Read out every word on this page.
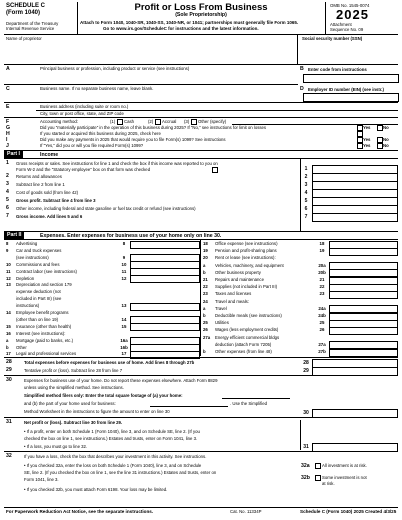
SCHEDULE C
(Form 1040)
Department of the Treasury
Internal Revenue Service
Profit or Loss From Business
(Sole Proprietorship)
Attach to Form 1040, 1040-SR, 1040-SS, 1040-NR, or 1041; partnerships must generally file Form 1065.
Go to www.irs.gov/ScheduleC for instructions and the latest information.
OMB No. 1545-0074
2025
Attachment
Sequence No. 09
Name of proprietor	Social security number (SSN)
A	Principal business or profession, including product or service (see instructions)	B Enter code from instructions
C	Business name. If no separate business name, leave blank.	D Employer ID number (EIN) (see instr.)
E	Business address (including suite or room no.)
City, town or post office, state, and ZIP code
F	Accounting method:	(1) Cash	(2) Accrual (3) Other (specify)
G	Did you "materially participate" in the operation of this business during 2025? If "No," see instructions for limit on losses	Yes	No
H	If you started or acquired this business during 2025, check here
I	Did you make any payments in 2025 that would require you to file Form(s) 1099? See instructions	Yes	No
J	If "Yes," did you or will you file required Form(s) 1099?	Yes	No
Part I	Income
1 Gross receipts or sales. See instructions for line 1 and check the box if this income was reported to you on
Form W-2 and the "Statutory employee" box on that form was checked
2 Returns and allowances
3 Subtract line 2 from line 1
4 Cost of goods sold (from line 42)
5 Gross profit. Subtract line 4 from line 3
6 Other income, including federal and state gasoline or fuel tax credit or refund (see instructions)
7 Gross income. Add lines 5 and 6
1
2
3
4
5
6
7
Part II	Expenses. Enter expenses for business use of your home only on line 30.
8 Advertising	8
9 Car and truck expenses
(see instructions)	9
10 Commissions and fees	10
11 Contract labor (see instructions)	11
12 Depletion	12
13 Depreciation and section 179
expense deduction (not
included in Part III) (see
instructions)	13
14 Employee benefit programs
(other than on line 19)	14
15 Insurance (other than health)	15
16 Interest (see instructions):
a Mortgage (paid to banks, etc.)	16a
b Other	16b
17 Legal and professional services	17
18 Office expense (see instructions)	18
19 Pension and profit-sharing plans	19
20 Rent or lease (see instructions):
a Vehicles, machinery, and equipment	20a
b Other business property	20b
21 Repairs and maintenance	21
22 Supplies (not included in Part III)	22
23 Taxes and licenses	23
24 Travel and meals:
a Travel	24a
b Deductible meals (see instructions)	24b
25 Utilities	25
26 Wages (less employment credits)	26
27a Energy efficient commercial bldgs
deduction (attach Form 7205)	27a
b Other expenses (from line 48)	27b
28	Total expenses before expenses for business use of home. Add lines 8 through 27b	28
29	Tentative profit or (loss). Subtract line 28 from line 7	29
30	Expenses for business use of your home. Do not report these expenses elsewhere. Attach Form 8829
unless using the simplified method. See instructions.
Simplified method filers only: Enter the total square footage of (a) your home:
and (b) the part of your home used for business:	. Use the Simplified
Method Worksheet in the instructions to figure the amount to enter on line 30	30
31	Net profit or (loss). Subtract line 30 from line 29.
• If a profit, enter on both Schedule 1 (Form 1040), line 3, and on Schedule SE, line 2. (If you
checked the box on line 1, see instructions.) Estates and trusts, enter on Form 1041, line 3.
• If a loss, you must go to line 32.	31
32	If you have a loss, check the box that describes your investment in this activity. See instructions.
• If you checked 32a, enter the loss on both Schedule 1 (Form 1040), line 3, and on Schedule
SE, line 2. (If you checked the box on line 1, see the line 31 instructions.) Estates and trusts, enter on
Form 1041, line 3.
• If you checked 32b, you must attach Form 6198. Your loss may be limited.
32a	All investment is at risk.
32b	Some investment is not
at risk.
For Paperwork Reduction Act Notice, see the separate instructions.	Cat. No. 11334P	Schedule C (Form 1040) 2025 Created 4/3/25
